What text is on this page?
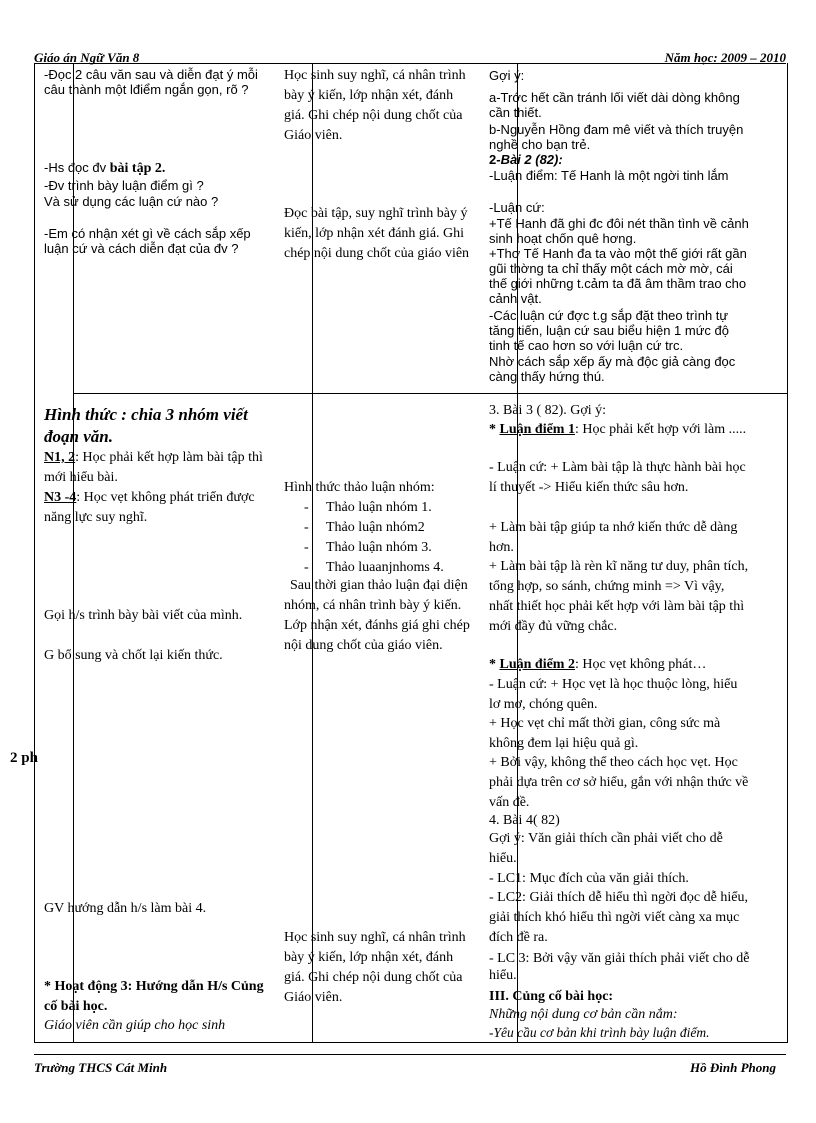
Giáo án Ngữ Văn 8	Năm học: 2009 – 2010
2 ph
-Đọc 2 câu văn sau và diễn đạt ý mỗi câu thành một lđiểm ngắn gọn, rõ ?
-Hs đọc đv bài tập 2.
-Đv trình bày luận điểm gì ?
Và sử dụng các luận cứ nào ?
-Em có nhận xét gì về cách sắp xếp luận cứ và cách diễn đạt của đv ?
Hình thức : chia 3 nhóm viết đoạn văn.
N1, 2: Học phải kết hợp làm bài tập thì mới hiểu bài.
N3 -4: Học vẹt không phát triển được năng lực suy nghĩ.
Gọi h/s trình bày bài viết của mình.
G bổ sung và chốt lại kiến thức.
GV hướng dẫn h/s làm bài 4.
* Hoạt động 3: Hướng dẫn H/s Củng cố bài học.
Giáo viên cần giúp cho học sinh
Học sinh suy nghĩ, cá nhân trình bày ý kiến, lớp nhận xét, đánh giá. Ghi chép nội dung chốt của Giáo viên.
Đọc bài tập, suy nghĩ trình bày ý kiến, lớp nhận xét đánh giá. Ghi chép nội dung chốt của giáo viên
Hình thức thảo luận nhóm:
- Thảo luận nhóm 1.
- Thảo luận nhóm2
- Thảo luận nhóm 3.
- Thảo luaanjnhoms 4.
Sau thời gian thảo luận đại diện nhóm, cá nhân trình bày ý kiến. Lớp nhận xét, đánhs giá ghi chép nội dung chốt của giáo viên.
Học sinh suy nghĩ, cá nhân trình bày ý kiến, lớp nhận xét, đánh giá. Ghi chép nội dung chốt của Giáo viên.
Gợi ý:
a-Trớc hết cần tránh lối viết dài dòng không cần thiết.
b-Nguyễn Hồng đam mê viết và thích truyện nghề cho bạn trẻ.
2-Bài 2 (82):
-Luận điểm: Tế Hanh là một ngời tinh lắm
-Luận cứ:
+Tế Hanh đã ghi đc đôi nét thần tình về cảnh sinh hoạt chốn quê hơng.
+Thơ Tế Hanh đa ta vào một thế giới rất gần gũi thờng ta chỉ thấy một cách mờ mờ, cái thế giới những t.cảm ta đã âm thầm trao cho cảnh vật.
-Các luận cứ đợc t.g sắp đặt theo trình tự tăng tiến, luận cứ sau biểu hiện 1 mức độ tinh tế cao hơn so với luận cứ trc.
Nhờ cách sắp xếp ấy mà độc giả càng đọc càng thấy hứng thú.
3. Bài 3 ( 82). Gợi ý:
* Luận điểm 1: Học phải kết hợp với làm .....
- Luận cứ: + Làm bài tập là thực hành bài học lí thuyết -> Hiểu kiến thức sâu hơn.
+ Làm bài tập giúp ta nhớ kiến thức dễ dàng hơn.
+ Làm bài tập là rèn kĩ năng tư duy, phân tích, tổng hợp, so sánh, chứng minh => Vì vậy, nhất thiết học phải kết hợp với làm bài tập thì mới đầy đủ vững chắc.
* Luận điểm 2: Học vẹt không phát…
- Luận cứ: + Học vẹt là học thuộc lòng, hiểu lơ mơ, chóng quên.
+ Học vẹt chỉ mất thời gian, công sức mà không đem lại hiệu quả gì.
+ Bởi vậy, không thể theo cách học vẹt. Học phải dựa trên cơ sở hiểu, gắn với nhận thức về vấn đề.
4. Bài 4( 82)
Gợi ý: Văn giải thích cần phải viết cho dễ hiểu.
- LC1: Mục đích của văn giải thích.
- LC2: Giải thích dễ hiểu thì ngời đọc dễ hiểu, giải thích khó hiểu thì ngời viết càng xa mục đích đề ra.
- LC 3: Bởi vậy văn giải thích phải viết cho dễ hiểu.
III. Củng cố bài học:
Những nội dung cơ bản cần nắm:
-Yêu cầu cơ bản khi trình bày luận điểm.
Trường THCS Cát Minh	Hồ Đình Phong
